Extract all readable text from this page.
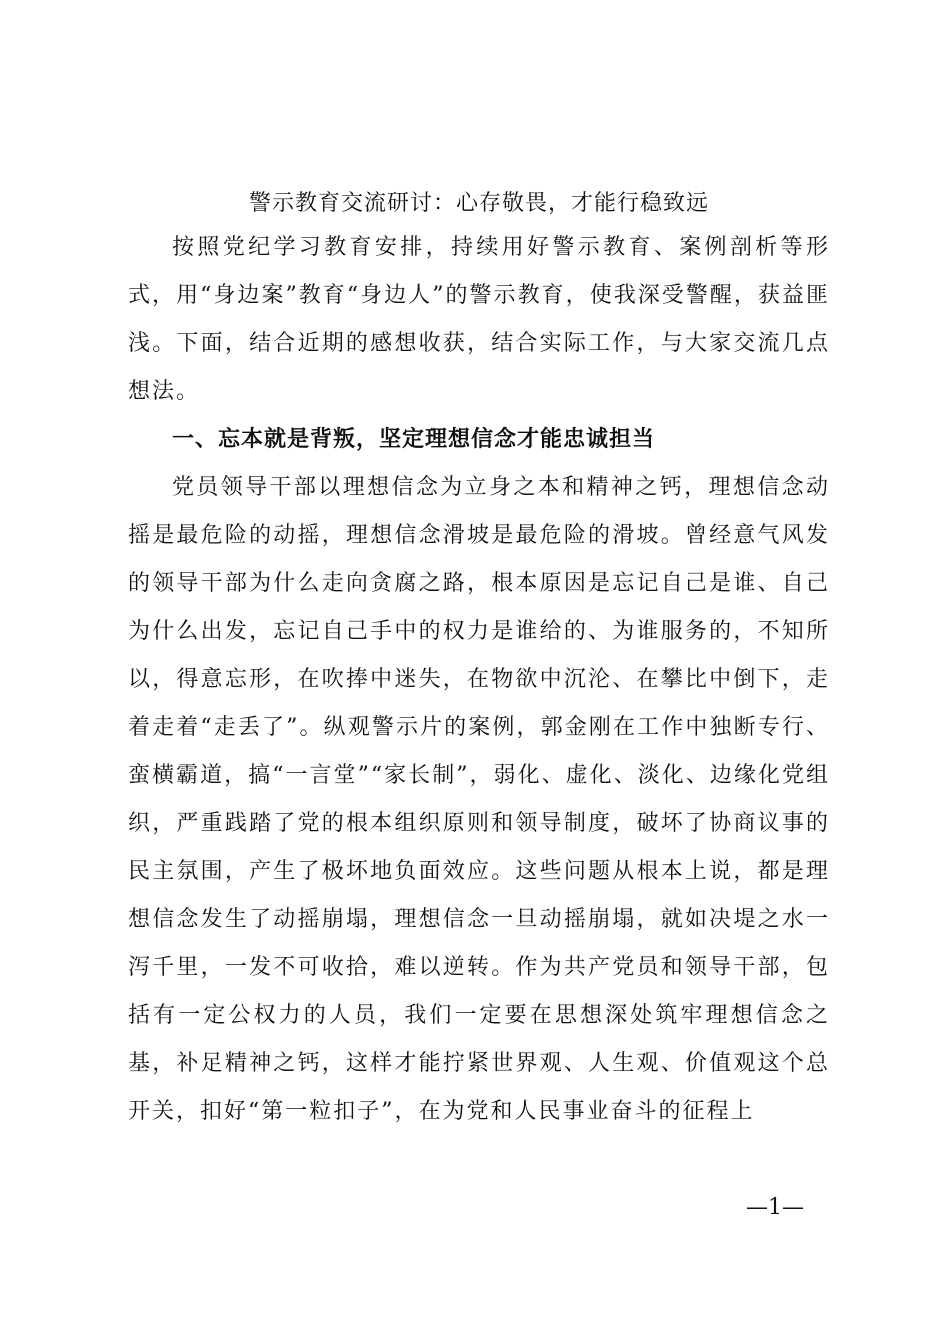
警示教育交流研讨：心存敬畏，才能行稳致远

按照党纪学习教育安排，持续用好警示教育、案例剖析等形式，用“身边案”教育“身边人”的警示教育，使我深受警醒，获益匪浅。下面，结合近期的感想收获，结合实际工作，与大家交流几点想法。

一、忘本就是背叛，坚定理想信念才能忠诚担当

党员领导干部以理想信念为立身之本和精神之钙，理想信念动摇是最危险的动摇，理想信念滑坡是最危险的滑坡。曾经意气风发的领导干部为什么走向贪腐之路，根本原因是忘记自己是谁、自己为什么出发，忘记自己手中的权力是谁给的、为谁服务的，不知所以，得意忘形，在吹捧中迷失，在物欲中沉沦、在攀比中倒下，走着走着“走丢了”。纵观警示片的案例，郭金刚在工作中独断专行、蛮横霸道，搞“一言堂”“家长制”，弱化、虚化、淡化、边缘化党组织，严重践踏了党的根本组织原则和领导制度，破坏了协商议事的民主氛围，产生了极坏地负面效应。这些问题从根本上说，都是理想信念发生了动摇崩塌，理想信念一旦动摇崩塌，就如决堤之水一泻千里，一发不可收拾，难以逆转。作为共产党员和领导干部，包括有一定公权力的人员，我们一定要在思想深处筑牢理想信念之基，补足精神之钙，这样才能拧紧世界观、人生观、价值观这个总开关，扣好“第一粒扣子”，在为党和人民事业奋斗的征程上

—1—
